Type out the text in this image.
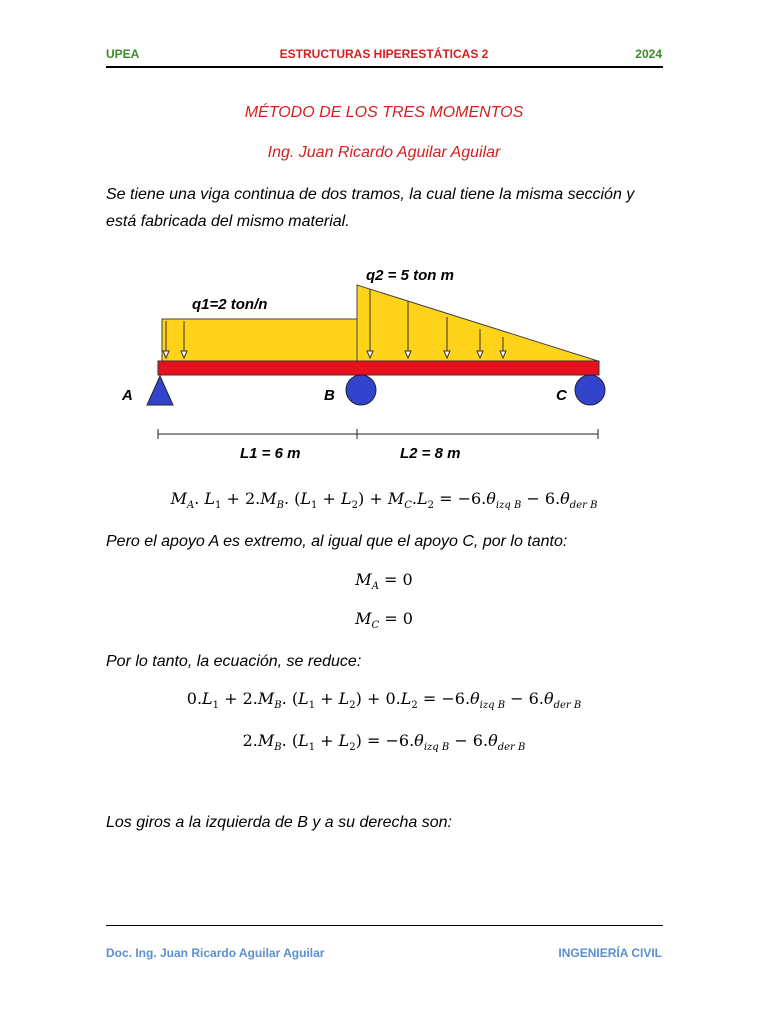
UPEA	ESTRUCTURAS HIPERESTÁTICAS 2	2024
MÉTODO DE LOS TRES MOMENTOS
Ing. Juan Ricardo Aguilar Aguilar
Se tiene una viga continua de dos tramos, la cual tiene la misma sección y está fabricada del mismo material.
q1=2 ton/n
q2 = 5 ton m
A	B	C
L1 = 6 m	L2 = 8 m
$M_A$. $L_1 + 2.M_B$. $(L_1 + L_2) + M_C.L_2 = -6.\theta_{izq B} - 6.\theta_{der B}$
Pero el apoyo A es extremo, al igual que el apoyo C, por lo tanto:
$M_A = 0$
$M_C = 0$
Por lo tanto, la ecuación, se reduce:
$0.L_1 + 2.M_B$. $(L_1 + L_2) + 0.L_2 = -6.\theta_{izq B} - 6.\theta_{der B}$
$2.M_B$. $(L_1 + L_2) = -6.\theta_{izq B} - 6.\theta_{der B}$
Los giros a la izquierda de B y a su derecha son:
Doc. Ing. Juan Ricardo Aguilar Aguilar	INGENIERÍA CIVIL
